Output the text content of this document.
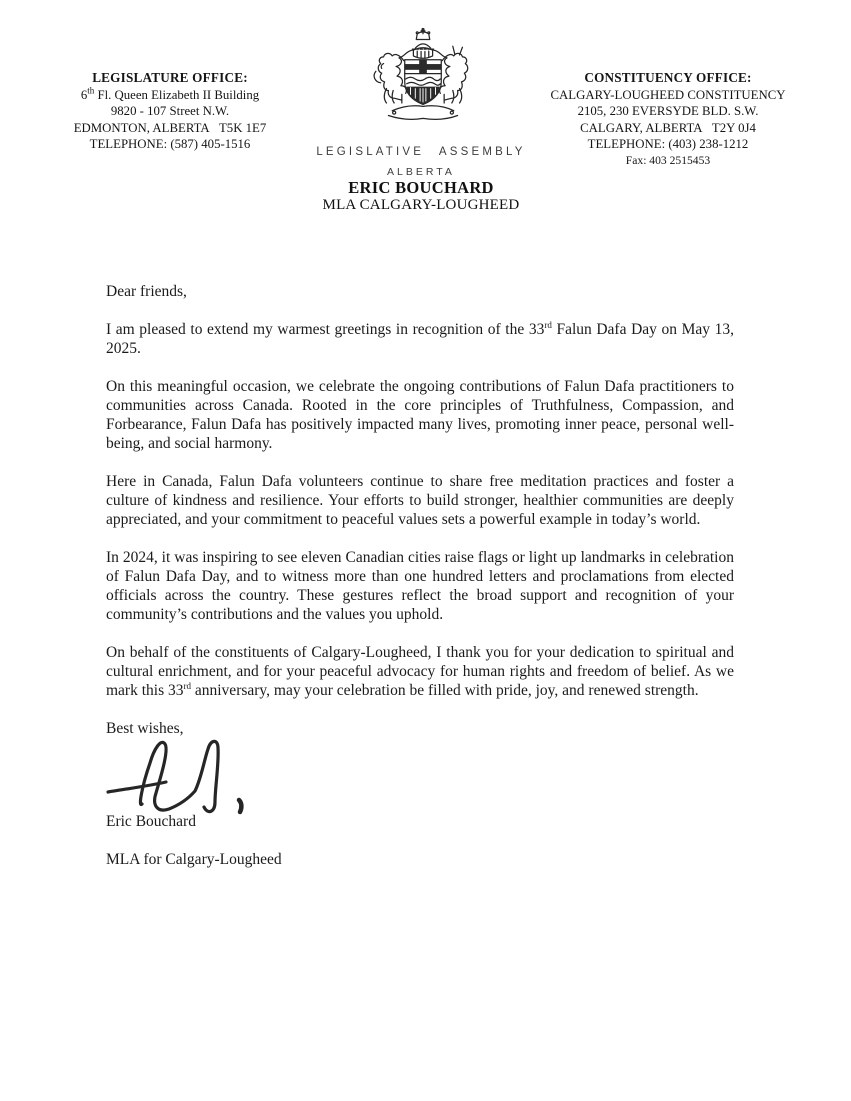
LEGISLATURE OFFICE:
6th Fl. Queen Elizabeth II Building
9820 - 107 Street N.W.
EDMONTON, ALBERTA   T5K 1E7
TELEPHONE: (587) 405-1516
CONSTITUENCY OFFICE:
CALGARY-LOUGHEED CONSTITUENCY
2105, 230 EVERSYDE BLD. S.W.
CALGARY, ALBERTA   T2Y 0J4
TELEPHONE: (403) 238-1212
Fax: 403 2515453
LEGISLATIVE ASSEMBLY
ALBERTA
ERIC BOUCHARD
MLA CALGARY-LOUGHEED

Dear friends,

I am pleased to extend my warmest greetings in recognition of the 33rd Falun Dafa Day on May 13, 2025.

On this meaningful occasion, we celebrate the ongoing contributions of Falun Dafa practitioners to communities across Canada. Rooted in the core principles of Truthfulness, Compassion, and Forbearance, Falun Dafa has positively impacted many lives, promoting inner peace, personal well-being, and social harmony.

Here in Canada, Falun Dafa volunteers continue to share free meditation practices and foster a culture of kindness and resilience. Your efforts to build stronger, healthier communities are deeply appreciated, and your commitment to peaceful values sets a powerful example in today’s world.

In 2024, it was inspiring to see eleven Canadian cities raise flags or light up landmarks in celebration of Falun Dafa Day, and to witness more than one hundred letters and proclamations from elected officials across the country. These gestures reflect the broad support and recognition of your community’s contributions and the values you uphold.

On behalf of the constituents of Calgary-Lougheed, I thank you for your dedication to spiritual and cultural enrichment, and for your peaceful advocacy for human rights and freedom of belief. As we mark this 33rd anniversary, may your celebration be filled with pride, joy, and renewed strength.

Best wishes,

Eric Bouchard

MLA for Calgary-Lougheed
